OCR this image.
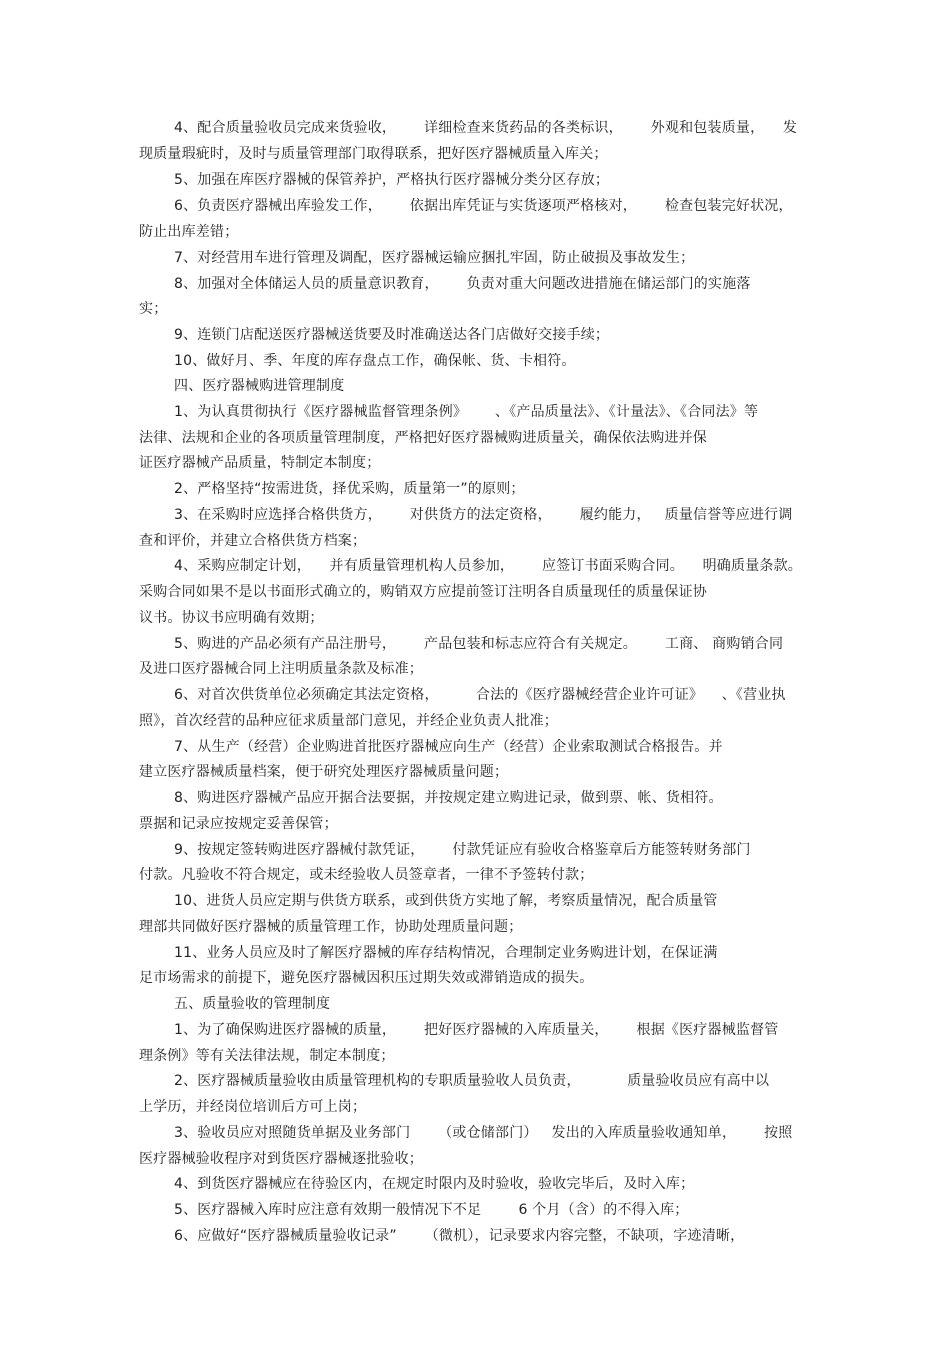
4、配合质量验收员完成来货验收，      详细检查来货药品的各类标识，      外观和包装质量，    发
现质量瑕疵时，及时与质量管理部门取得联系，把好医疗器械质量入库关；
5、加强在库医疗器械的保管养护，严格执行医疗器械分类分区存放；
6、负责医疗器械出库验发工作，      依据出库凭证与实货逐项严格核对，      检查包装完好状况，
防止出库差错；
7、对经营用车进行管理及调配，医疗器械运输应捆扎牢固，防止破损及事故发生；
8、加强对全体储运人员的质量意识教育，      负责对重大问题改进措施在储运部门的实施落
实；
9、连锁门店配送医疗器械送货要及时准确送达各门店做好交接手续；
10、做好月、季、年度的库存盘点工作，确保帐、货、卡相符。
四、医疗器械购进管理制度
1、为认真贯彻执行《医疗器械监督管理条例》      、《产品质量法》、《计量法》、《合同法》等
法律、法规和企业的各项质量管理制度，严格把好医疗器械购进质量关，确保依法购进并保
证医疗器械产品质量，特制定本制度；
2、严格坚持“按需进货，择优采购，质量第一”的原则；
3、在采购时应选择合格供货方，      对供货方的法定资格，      履约能力，   质量信誉等应进行调
查和评价，并建立合格供货方档案；
4、采购应制定计划，    并有质量管理机构人员参加，      应签订书面采购合同。    明确质量条款。
采购合同如果不是以书面形式确立的，购销双方应提前签订注明各自质量现任的质量保证协
议书。协议书应明确有效期；
5、购进的产品必须有产品注册号，      产品包装和标志应符合有关规定。      工商、 商购销合同
及进口医疗器械合同上注明质量条款及标准；
6、对首次供货单位必须确定其法定资格，        合法的《医疗器械经营企业许可证》    、《营业执
照》，首次经营的品种应征求质量部门意见，并经企业负责人批准；
7、从生产（经营）企业购进首批医疗器械应向生产（经营）企业索取测试合格报告。并
建立医疗器械质量档案，便于研究处理医疗器械质量问题；
8、购进医疗器械产品应开据合法要据，并按规定建立购进记录，做到票、帐、货相符。
票据和记录应按规定妥善保管；
9、按规定签转购进医疗器械付款凭证，      付款凭证应有验收合格鉴章后方能签转财务部门
付款。凡验收不符合规定，或未经验收人员签章者，一律不予签转付款；
10、进货人员应定期与供货方联系，或到供货方实地了解，考察质量情况，配合质量管
理部共同做好医疗器械的质量管理工作，协助处理质量问题；
11、业务人员应及时了解医疗器械的库存结构情况，合理制定业务购进计划，在保证满
足市场需求的前提下，避免医疗器械因积压过期失效或滞销造成的损失。
五、质量验收的管理制度
1、为了确保购进医疗器械的质量，      把好医疗器械的入库质量关，      根据《医疗器械监督管
理条例》等有关法律法规，制定本制度；
2、医疗器械质量验收由质量管理机构的专职质量验收人员负责，          质量验收员应有高中以
上学历，并经岗位培训后方可上岗；
3、验收员应对照随货单据及业务部门      （或仓储部门）   发出的入库质量验收通知单，      按照
医疗器械验收程序对到货医疗器械逐批验收；
4、到货医疗器械应在待验区内，在规定时限内及时验收，验收完毕后，及时入库；
5、医疗器械入库时应注意有效期一般情况下不足        6 个月（含）的不得入库；
6、应做好“医疗器械质量验收记录”      （微机），记录要求内容完整，不缺项，字迹清晰，
